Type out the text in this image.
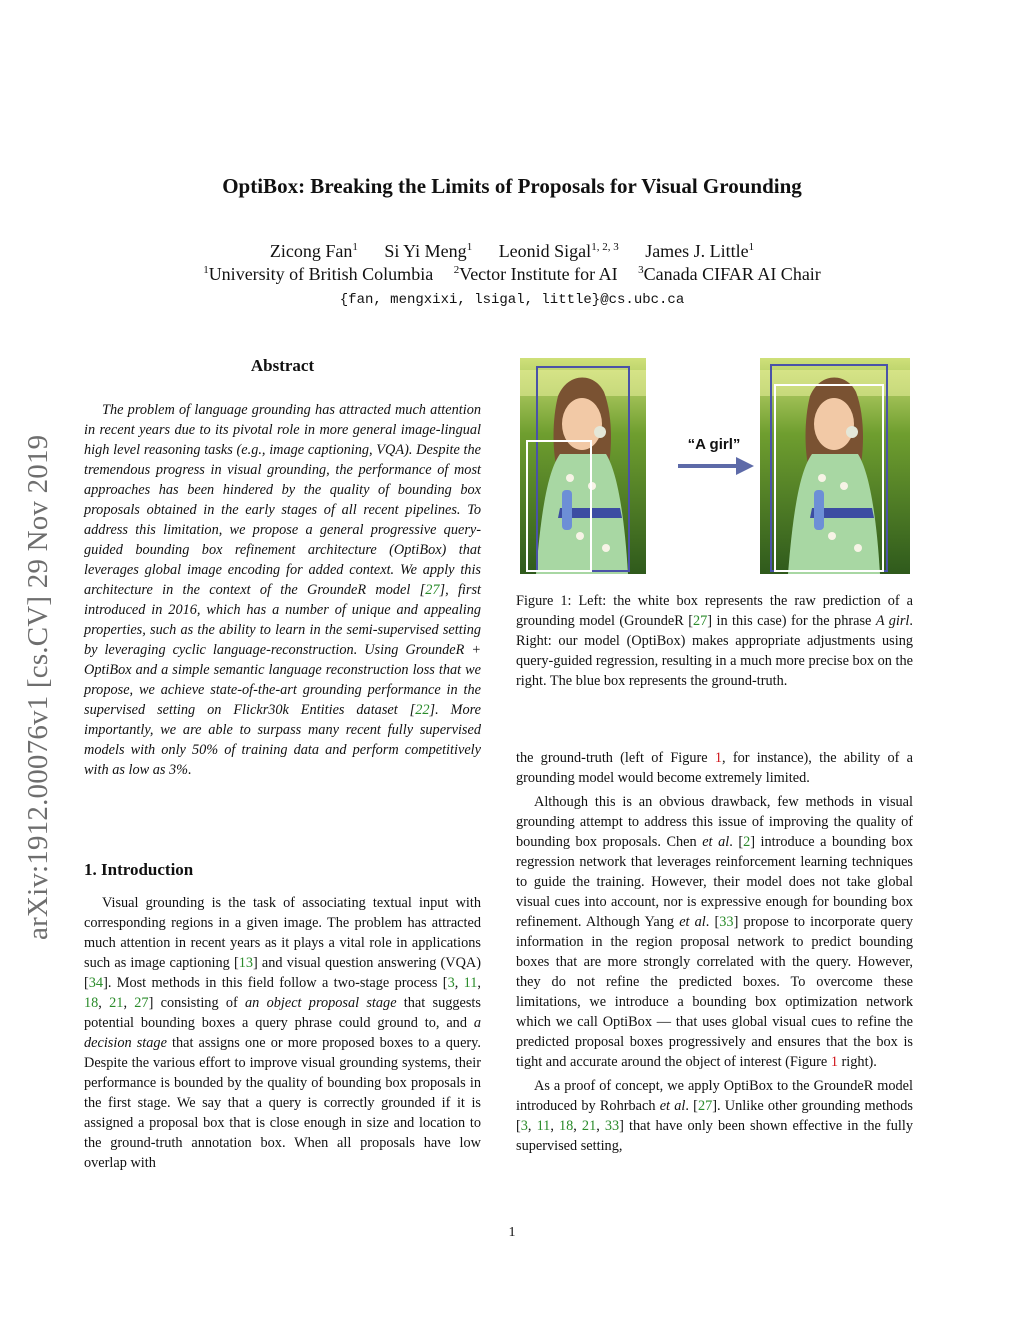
arXiv:1912.00076v1 [cs.CV] 29 Nov 2019
OptiBox: Breaking the Limits of Proposals for Visual Grounding
Zicong Fan$^1$ Si Yi Meng$^1$ Leonid Sigal$^{1, 2, 3}$ James J. Little$^1$
$^1$University of British Columbia $^2$Vector Institute for AI $^3$Canada CIFAR AI Chair
{fan, mengxixi, lsigal, little}@cs.ubc.ca
Abstract

The problem of language grounding has attracted much attention in recent years due to its pivotal role in more general image-lingual high level reasoning tasks (e.g., image captioning, VQA). Despite the tremendous progress in visual grounding, the performance of most approaches has been hindered by the quality of bounding box proposals obtained in the early stages of all recent pipelines. To address this limitation, we propose a general progressive query-guided bounding box refinement architecture (OptiBox) that leverages global image encoding for added context. We apply this architecture in the context of the GroundeR model [27], first introduced in 2016, which has a number of unique and appealing properties, such as the ability to learn in the semi-supervised setting by leveraging cyclic language-reconstruction. Using GroundeR + OptiBox and a simple semantic language reconstruction loss that we propose, we achieve state-of-the-art grounding performance in the supervised setting on Flickr30k Entities dataset [22]. More importantly, we are able to surpass many recent fully supervised models with only 50% of training data and perform competitively with as low as 3%.

1. Introduction

Visual grounding is the task of associating textual input with corresponding regions in a given image. The problem has attracted much attention in recent years as it plays a vital role in applications such as image captioning [13] and visual question answering (VQA) [34]. Most methods in this field follow a two-stage process [3, 11, 18, 21, 27] consisting of an object proposal stage that suggests potential bounding boxes a query phrase could ground to, and a decision stage that assigns one or more proposed boxes to a query. Despite the various effort to improve visual grounding systems, their performance is bounded by the quality of bounding box proposals in the first stage. We say that a query is correctly grounded if it is assigned a proposal box that is close enough in size and location to the ground-truth annotation box. When all proposals have low overlap with

“A girl”

Figure 1: Left: the white box represents the raw prediction of a grounding model (GroundeR [27] in this case) for the phrase A girl. Right: our model (OptiBox) makes appropriate adjustments using query-guided regression, resulting in a much more precise box on the right. The blue box represents the ground-truth.

the ground-truth (left of Figure 1, for instance), the ability of a grounding model would become extremely limited.

Although this is an obvious drawback, few methods in visual grounding attempt to address this issue of improving the quality of bounding box proposals. Chen et al. [2] introduce a bounding box regression network that leverages reinforcement learning techniques to guide the training. However, their model does not take global visual cues into account, nor is expressive enough for bounding box refinement. Although Yang et al. [33] propose to incorporate query information in the region proposal network to predict bounding boxes that are more strongly correlated with the query. However, they do not refine the predicted boxes. To overcome these limitations, we introduce a bounding box optimization network which we call OptiBox — that uses global visual cues to refine the predicted proposal boxes progressively and ensures that the box is tight and accurate around the object of interest (Figure 1 right).

As a proof of concept, we apply OptiBox to the GroundeR model introduced by Rohrbach et al. [27]. Unlike other grounding methods [3, 11, 18, 21, 33] that have only been shown effective in the fully supervised setting,

1
